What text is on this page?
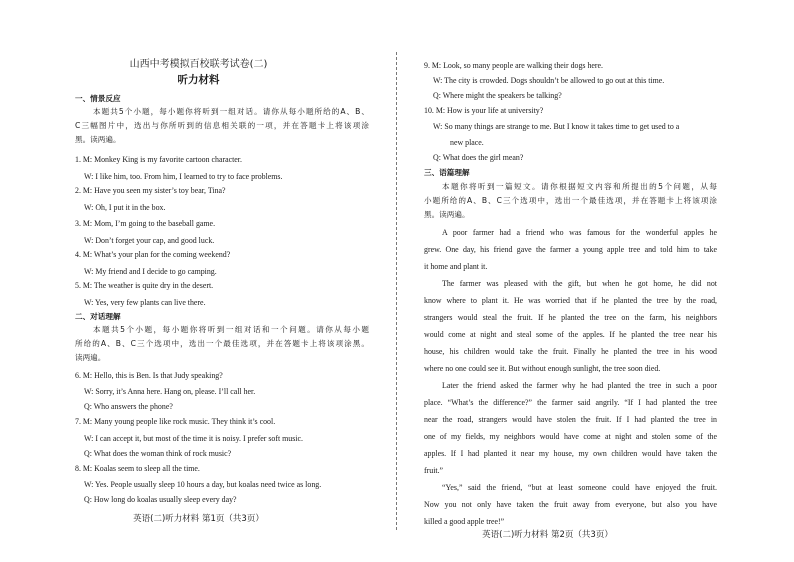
山西中考模拟百校联考试卷(二)
听力材料
一、情景反应
本题共5个小题，每小题你将听到一组对话。请你从每小题所给的A、B、
C三幅图片中，选出与你所听到的信息相关联的一项，并在答题卡上将该项涂
黑。读两遍。
1. M: Monkey King is my favorite cartoon character.
W: I like him, too. From him, I learned to try to face problems.
2. M: Have you seen my sister’s toy bear, Tina?
W: Oh, I put it in the box.
3. M: Mom, I’m going to the baseball game.
W: Don’t forget your cap, and good luck.
4. M: What’s your plan for the coming weekend?
W: My friend and I decide to go camping.
5. M: The weather is quite dry in the desert.
W: Yes, very few plants can live there.
二、对话理解
本题共5个小题，每小题你将听到一组对话和一个问题。请你从每小题
所给的A、B、C三个选项中，选出一个最佳选项，并在答题卡上将该项涂黑。
读两遍。
6. M: Hello, this is Ben. Is that Judy speaking?
W: Sorry, it’s Anna here. Hang on, please. I’ll call her.
Q: Who answers the phone?
7. M: Many young people like rock music. They think it’s cool.
W: I can accept it, but most of the time it is noisy. I prefer soft music.
Q: What does the woman think of rock music?
8. M: Koalas seem to sleep all the time.
W: Yes. People usually sleep 10 hours a day, but koalas need twice as long.
Q: How long do koalas usually sleep every day?
英语(二)听力材料 第1页（共3页）
9. M: Look, so many people are walking their dogs here.
W: The city is crowded. Dogs shouldn’t be allowed to go out at this time.
Q: Where might the speakers be talking?
10. M: How is your life at university?
W: So many things are strange to me. But I know it takes time to get used to a
new place.
Q: What does the girl mean?
三、语篇理解
本题你将听到一篇短文。请你根据短文内容和所提出的5个问题，从每
小题所给的A、B、C三个选项中，选出一个最佳选项，并在答题卡上将该项涂
黑。读两遍。
A poor farmer had a friend who was famous for the wonderful apples he
grew. One day, his friend gave the farmer a young apple tree and told him to take
it home and plant it.
The farmer was pleased with the gift, but when he got home, he did not
know where to plant it. He was worried that if he planted the tree by the road,
strangers would steal the fruit. If he planted the tree on the farm, his neighbors
would come at night and steal some of the apples. If he planted the tree near his
house, his children would take the fruit. Finally he planted the tree in his wood
where no one could see it. But without enough sunlight, the tree soon died.
Later the friend asked the farmer why he had planted the tree in such a poor
place. “What’s the difference?” the farmer said angrily. “If I had planted the tree
near the road, strangers would have stolen the fruit. If I had planted the tree in
one of my fields, my neighbors would have come at night and stolen some of the
apples. If I had planted it near my house, my own children would have taken the
fruit.”
“Yes,” said the friend, “but at least someone could have enjoyed the fruit.
Now you not only have taken the fruit away from everyone, but also you have
killed a good apple tree!”
英语(二)听力材料 第2页（共3页）
